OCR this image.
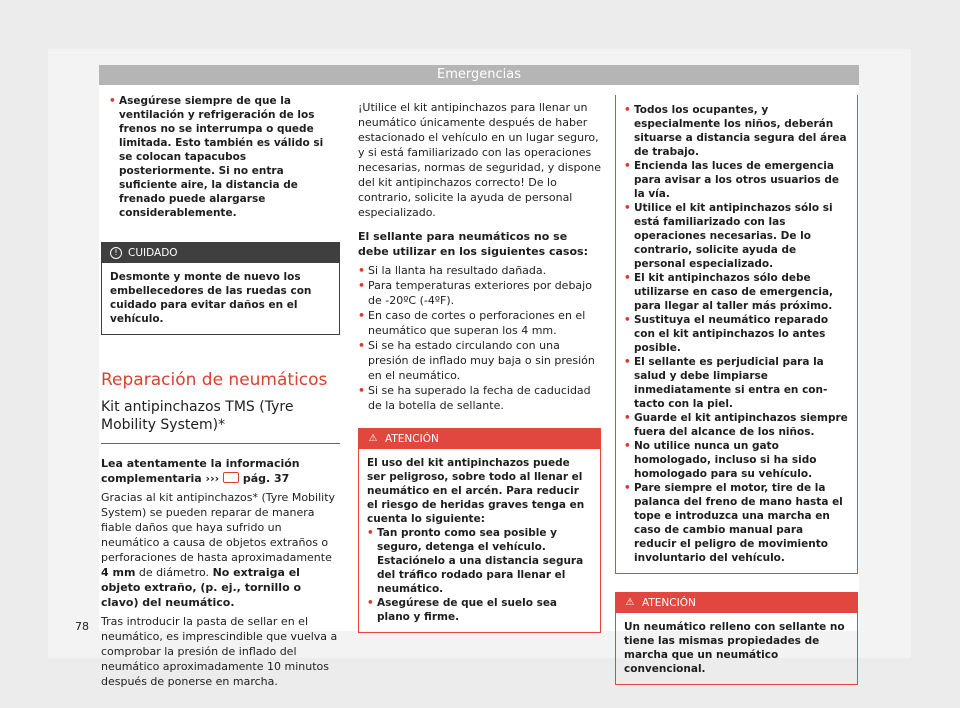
Emergencias
• Asegúrese siempre de que la ventilación y refrigeración de los frenos no se interrumpa o quede limitada. Esto también es válido si se colocan tapacubos posteriormente. Si no entra suficiente aire, la distancia de frenado puede alargarse considerablemente.
! CUIDADO
Desmonte y monte de nuevo los embellecedores de las ruedas con cuidado para evitar daños en el vehículo.
Reparación de neumáticos
Kit antipinchazos TMS (Tyre Mobility System)*
Lea atentamente la información complementaria ››› pág. 37
Gracias al kit antipinchazos* (Tyre Mobility System) se pueden reparar de manera fiable daños que haya sufrido un neumático a causa de objetos extraños o perforaciones de hasta aproximadamente 4 mm de diámetro. No extraiga el objeto extraño, (p. ej., tornillo o clavo) del neumático.
Tras introducir la pasta de sellar en el neumático, es imprescindible que vuelva a comprobar la presión de inflado del neumático aproximadamente 10 minutos después de ponerse en marcha.
¡Utilice el kit antipinchazos para llenar un neumático únicamente después de haber estacionado el vehículo en un lugar seguro, y si está familiarizado con las operaciones necesarias, normas de seguridad, y dispone del kit antipinchazos correcto! De lo contrario, solicite la ayuda de personal especializado.
El sellante para neumáticos no se debe utilizar en los siguientes casos:
• Si la llanta ha resultado dañada.
• Para temperaturas exteriores por debajo de -20ºC (-4ºF).
• En caso de cortes o perforaciones en el neumático que superan los 4 mm.
• Si se ha estado circulando con una presión de inflado muy baja o sin presión en el neumático.
• Si se ha superado la fecha de caducidad de la botella de sellante.
⚠ ATENCIÓN
El uso del kit antipinchazos puede ser peligroso, sobre todo al llenar el neumático en el arcén. Para reducir el riesgo de heridas graves tenga en cuenta lo siguiente:
• Tan pronto como sea posible y seguro, detenga el vehículo. Estaciónelo a una distancia segura del tráfico rodado para llenar el neumático.
• Asegúrese de que el suelo sea plano y firme.
• Todos los ocupantes, y especialmente los niños, deberán situarse a distancia segura del área de trabajo.
• Encienda las luces de emergencia para avisar a los otros usuarios de la vía.
• Utilice el kit antipinchazos sólo si está familiarizado con las operaciones necesarias. De lo contrario, solicite ayuda de personal especializado.
• El kit antipinchazos sólo debe utilizarse en caso de emergencia, para llegar al taller más próximo.
• Sustituya el neumático reparado con el kit antipinchazos lo antes posible.
• El sellante es perjudicial para la salud y debe limpiarse inmediatamente si entra en contacto con la piel.
• Guarde el kit antipinchazos siempre fuera del alcance de los niños.
• No utilice nunca un gato homologado, incluso si ha sido homologado para su vehículo.
• Pare siempre el motor, tire de la palanca del freno de mano hasta el tope e introduzca una marcha en caso de cambio manual para reducir el peligro de movimiento involuntario del vehículo.
⚠ ATENCIÓN
Un neumático relleno con sellante no tiene las mismas propiedades de marcha que un neumático convencional.
78
